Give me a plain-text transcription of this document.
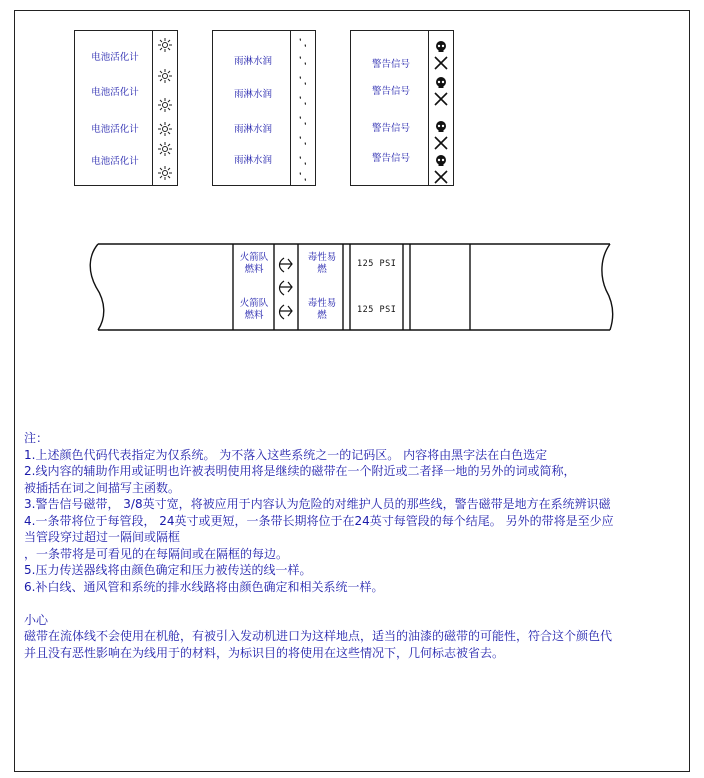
电池活化计
电池活化计
电池活化计
电池活化计
雨淋水润
雨淋水润
雨淋水润
雨淋水润
警告信号
警告信号
警告信号
警告信号
火箭队燃料
火箭队燃料
毒性易燃
毒性易燃
125 PSI
125 PSI
注：
1.上述颜色代码代表指定为仅系统。 为不落入这些系统之一的记码区。 内容将由黑字法在白色选定
2.线内容的辅助作用或证明也许被表明使用将是继续的磁带在一个附近或二者择一地的另外的词或简称，
被插括在词之间描写主函数。
3.警告信号磁带， 3/8英寸宽，将被应用于内容认为危险的对维护人员的那些线，警告磁带是地方在系统辨识磁
4.一条带将位于每管段， 24英寸或更短，一条带长期将位于在24英寸每管段的每个结尾。 另外的带将是至少应
当管段穿过超过一隔间或隔框
，一条带将是可看见的在每隔间或在隔框的每边。
5.压力传送器线将由颜色确定和压力被传送的线一样。
6.补白线、通风管和系统的排水线路将由颜色确定和相关系统一样。
小心
磁带在流体线不会使用在机舱，有被引入发动机进口为这样地点，适当的油漆的磁带的可能性，符合这个颜色代
并且没有恶性影响在为线用于的材料，为标识目的将使用在这些情况下，几何标志被省去。
